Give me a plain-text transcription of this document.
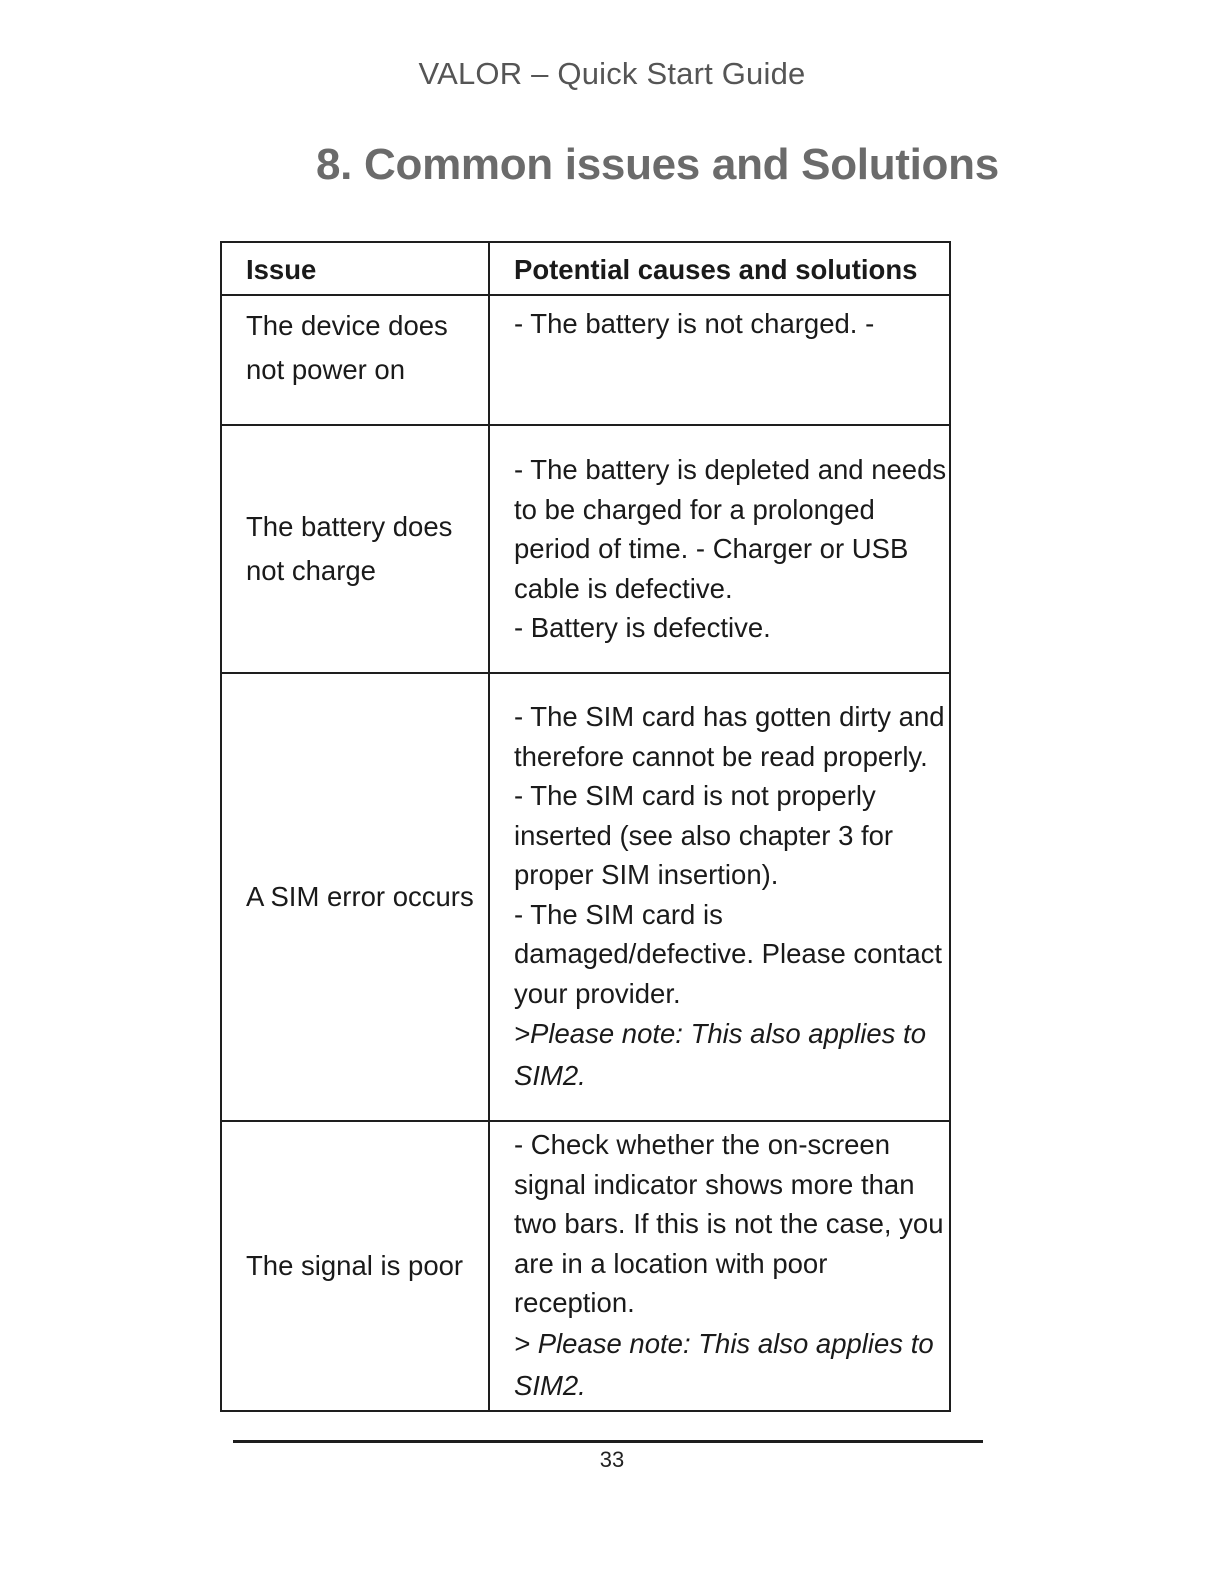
VALOR – Quick Start Guide
8. Common issues and Solutions
Issue	Potential causes and solutions

The device does not power on	- The battery is not charged. -

The battery does not charge	- The battery is depleted and needs to be charged for a prolonged period of time. - Charger or USB cable is defective.
- Battery is defective.

A SIM error occurs	- The SIM card has gotten dirty and therefore cannot be read properly.
- The SIM card is not properly inserted (see also chapter 3 for proper SIM insertion).
- The SIM card is damaged/defective. Please contact your provider.
>Please note: This also applies to SIM2.

The signal is poor	- Check whether the on-screen signal indicator shows more than two bars. If this is not the case, you are in a location with poor reception.
> Please note: This also applies to SIM2.
33
